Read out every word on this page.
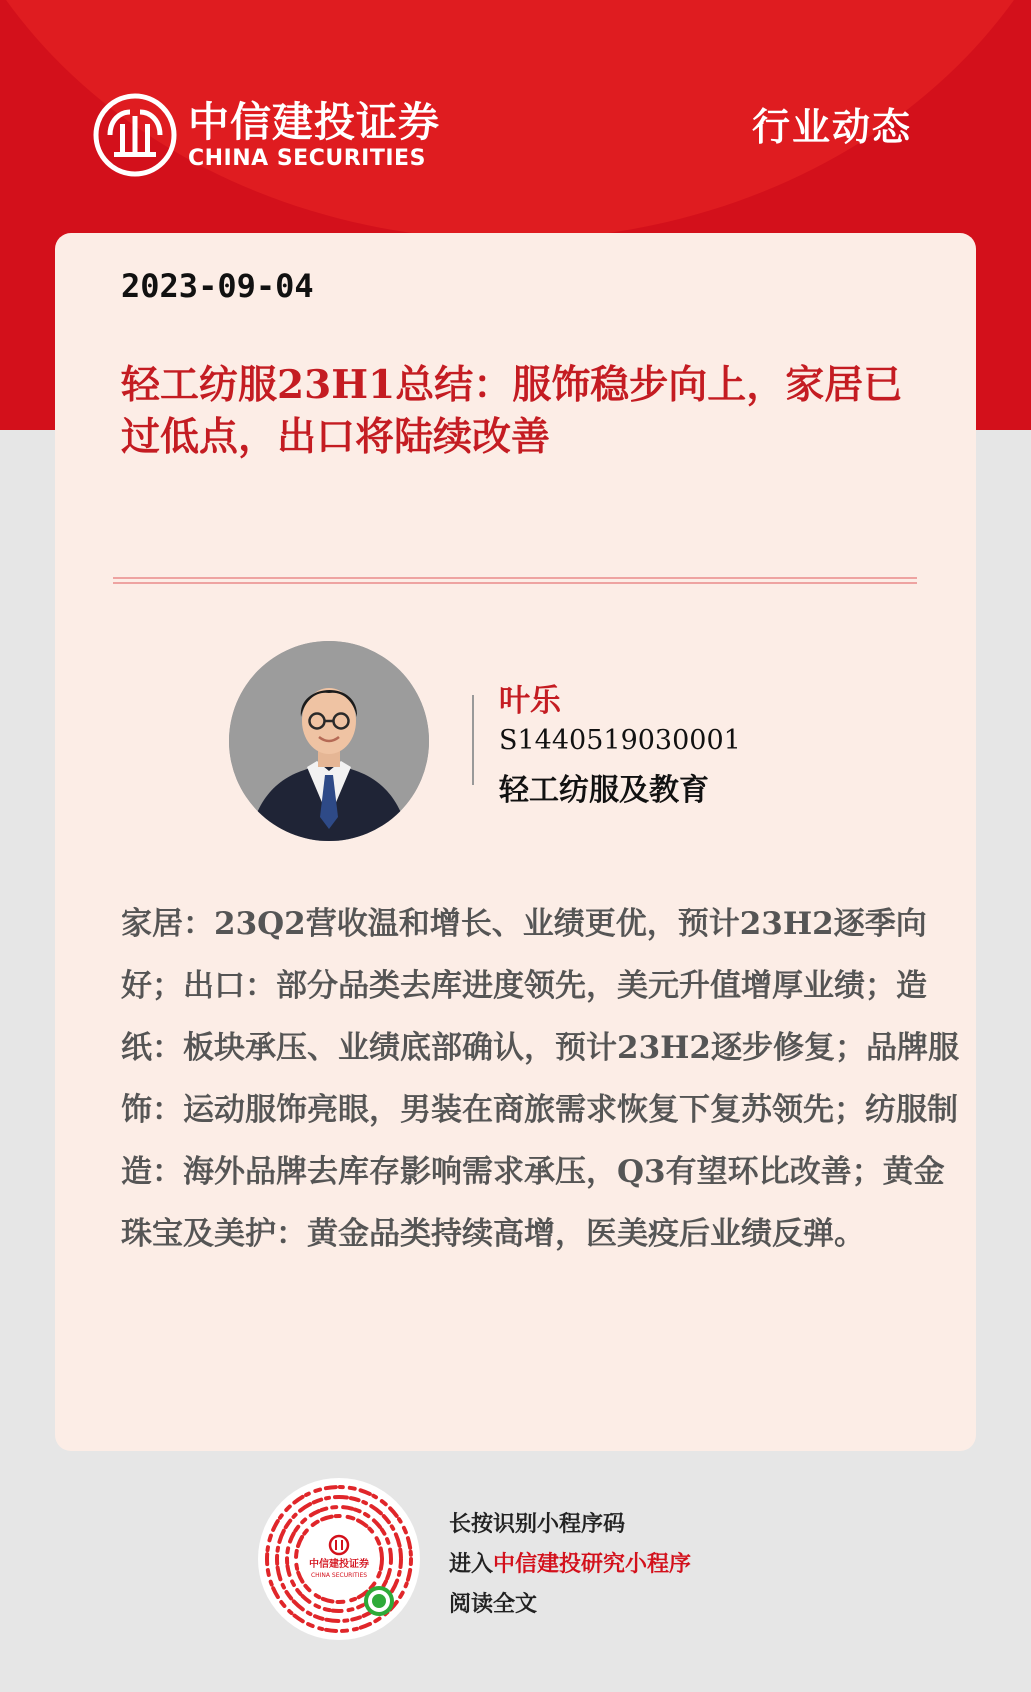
中信建投证券
CHINA SECURITIES
行业动态
2023-09-04
轻工纺服23H1总结：服饰稳步向上，家居已过低点，出口将陆续改善
叶乐
S1440519030001
轻工纺服及教育

家居：23Q2营收温和增长、业绩更优，预计23H2逐季向好；出口：部分品类去库进度领先，美元升值增厚业绩；造纸：板块承压、业绩底部确认，预计23H2逐步修复；品牌服饰：运动服饰亮眼，男装在商旅需求恢复下复苏领先；纺服制造：海外品牌去库存影响需求承压，Q3有望环比改善；黄金珠宝及美护：黄金品类持续高增，医美疫后业绩反弹。

中信建投证券
CHINA SECURITIES
长按识别小程序码
进入中信建投研究小程序
阅读全文
